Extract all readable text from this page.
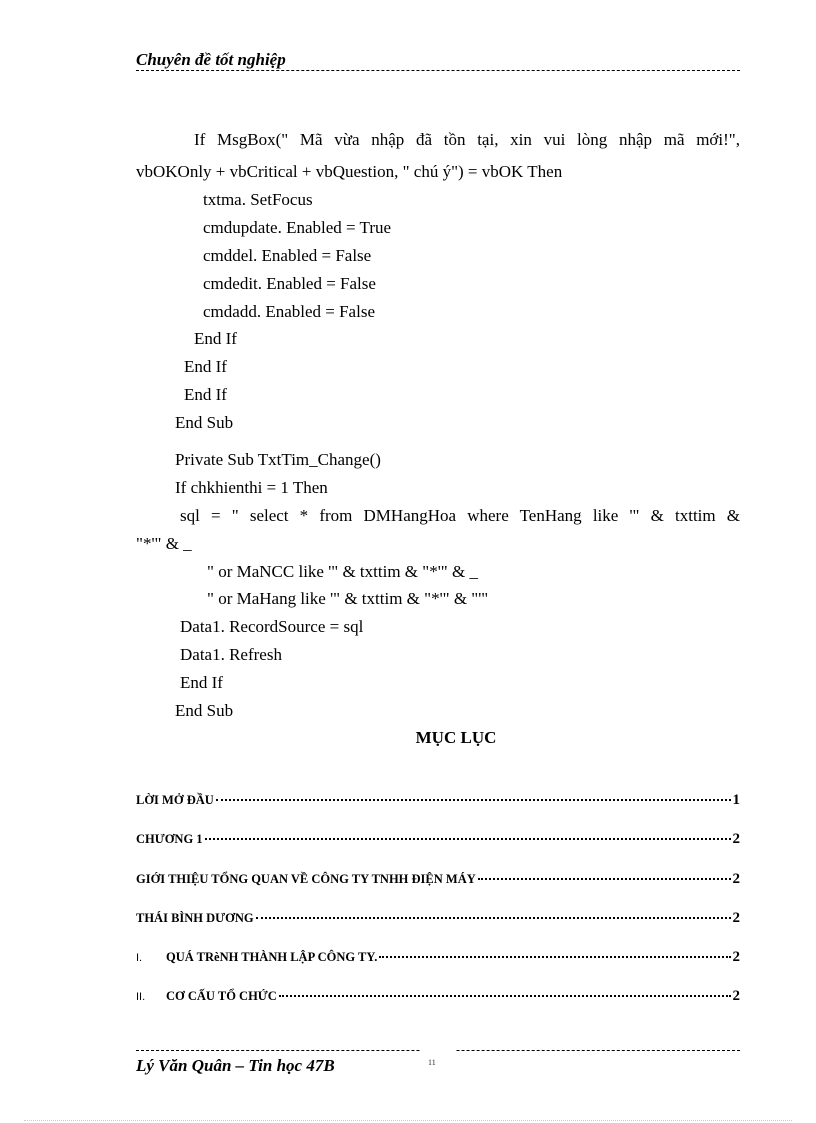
Chuyên đề tốt nghiệp
If MsgBox(" Mã vừa nhập đã tồn tại, xin vui lòng nhập mã mới!",
vbOKOnly + vbCritical + vbQuestion, " chú ý") = vbOK Then
txtma. SetFocus
cmdupdate. Enabled = True
cmddel. Enabled = False
cmdedit. Enabled = False
cmdadd. Enabled = False
End If
End If
End If
End Sub
Private Sub TxtTim_Change()
If chkhienthi = 1 Then
sql = " select * from DMHangHoa where TenHang like '" & txttim &
"*'" & _
" or MaNCC like '" & txttim & "*'" & _
" or MaHang like '" & txttim & "*'" & "'"
Data1. RecordSource = sql
Data1. Refresh
End If
End Sub
MỤC LỤC
LỜI MỞ ĐẦU	1
CHƯƠNG 1	2
GIỚI THIỆU TỔNG QUAN VỀ CÔNG TY TNHH ĐIỆN MÁY	2
THÁI BÌNH DƯƠNG	2
I.	QUÁ TRèNH THÀNH LẬP CÔNG TY.	2
II.	CƠ CẤU TỔ CHỨC	2
Lý Văn Quân – Tin học 47B	11
